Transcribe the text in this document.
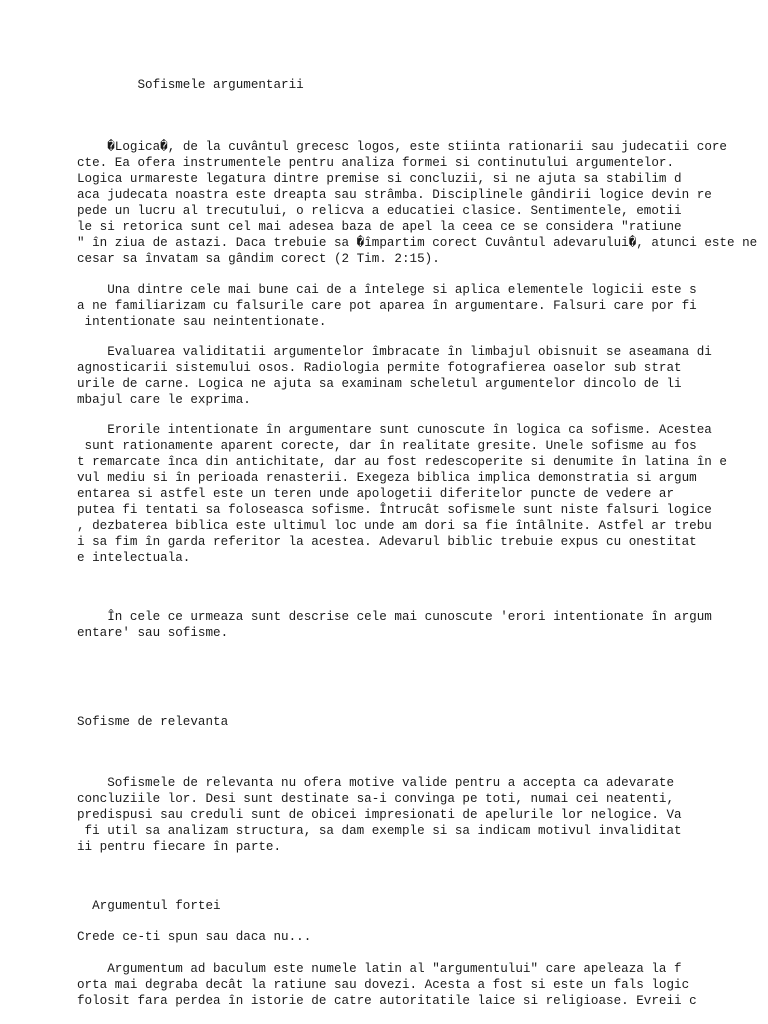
Sofismele argumentarii

�Logica�, de la cuvântul grecesc logos, este stiinta rationarii sau judecatii core

cte. Ea ofera instrumentele pentru analiza formei si continutului argumentelor.

Logica urmareste legatura dintre premise si concluzii, si ne ajuta sa stabilim d

aca judecata noastra este dreapta sau strâmba. Disciplinele gândirii logice devin re

pede un lucru al trecutului, o relicva a educatiei clasice. Sentimentele, emotii

le si retorica sunt cel mai adesea baza de apel la ceea ce se considera "ratiune

" în ziua de astazi. Daca trebuie sa �împartim corect Cuvântul adevarului�, atunci este ne

cesar sa învatam sa gândim corect (2 Tim. 2:15).

Una dintre cele mai bune cai de a întelege si aplica elementele logicii este s

a ne familiarizam cu falsurile care pot aparea în argumentare. Falsuri care por fi

intentionate sau neintentionate.

Evaluarea validitatii argumentelor îmbracate în limbajul obisnuit se aseamana di

agnosticarii sistemului osos. Radiologia permite fotografierea oaselor sub strat

urile de carne. Logica ne ajuta sa examinam scheletul argumentelor dincolo de li

mbajul care le exprima.

Erorile intentionate în argumentare sunt cunoscute în logica ca sofisme. Acestea

sunt rationamente aparent corecte, dar în realitate gresite. Unele sofisme au fos

t remarcate înca din antichitate, dar au fost redescoperite si denumite în latina în e

vul mediu si în perioada renasterii. Exegeza biblica implica demonstratia si argum

entarea si astfel este un teren unde apologetii diferitelor puncte de vedere ar

putea fi tentati sa foloseasca sofisme. Întrucât sofismele sunt niste falsuri logice

, dezbaterea biblica este ultimul loc unde am dori sa fie întâlnite. Astfel ar trebu

i sa fim în garda referitor la acestea. Adevarul biblic trebuie expus cu onestitat

e intelectuala.

În cele ce urmeaza sunt descrise cele mai cunoscute 'erori intentionate în argum

entare' sau sofisme.

Sofisme de relevanta

Sofismele de relevanta nu ofera motive valide pentru a accepta ca adevarate

concluziile lor. Desi sunt destinate sa-i convinga pe toti, numai cei neatenti,

predispusi sau creduli sunt de obicei impresionati de apelurile lor nelogice. Va

fi util sa analizam structura, sa dam exemple si sa indicam motivul invaliditat

ii pentru fiecare în parte.

Argumentul fortei

Crede ce-ti spun sau daca nu...

Argumentum ad baculum este numele latin al "argumentului" care apeleaza la f

orta mai degraba decât la ratiune sau dovezi. Acesta a fost si este un fals logic

folosit fara perdea în istorie de catre autoritatile laice si religioase. Evreii c
